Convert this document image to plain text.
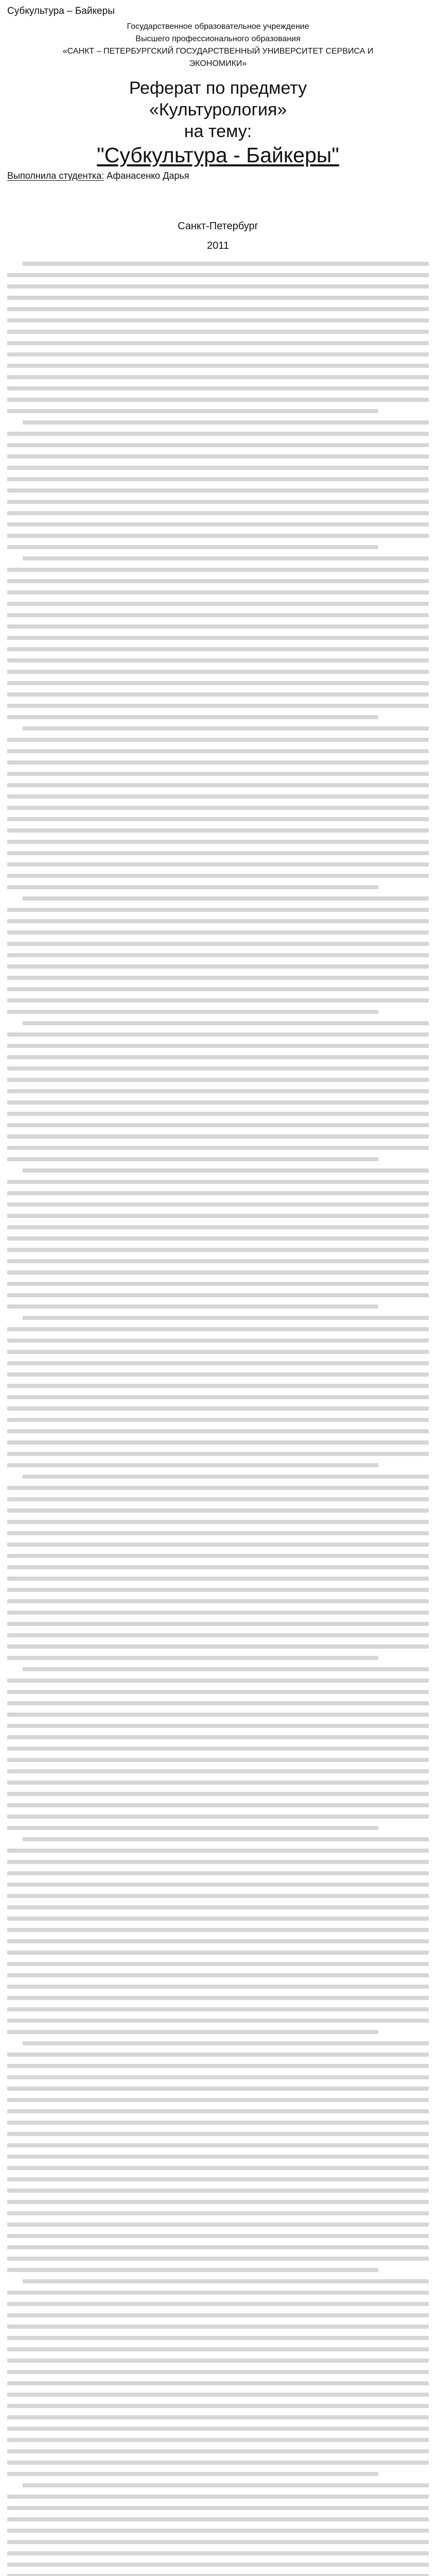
Субкультура – Байкеры

Государственное образовательное учреждение

Высшего профессионального образования

«САНКТ – ПЕТЕРБУРГСКИЙ ГОСУДАРСТВЕННЫЙ УНИВЕРСИТЕТ СЕРВИСА И

ЭКОНОМИКИ»

Реферат по предмету

«Культурология»

на тему:

"Субкультура - Байкеры"

Выполнила студентка: Афанасенко Дарья
Санкт-Петербург
2011
